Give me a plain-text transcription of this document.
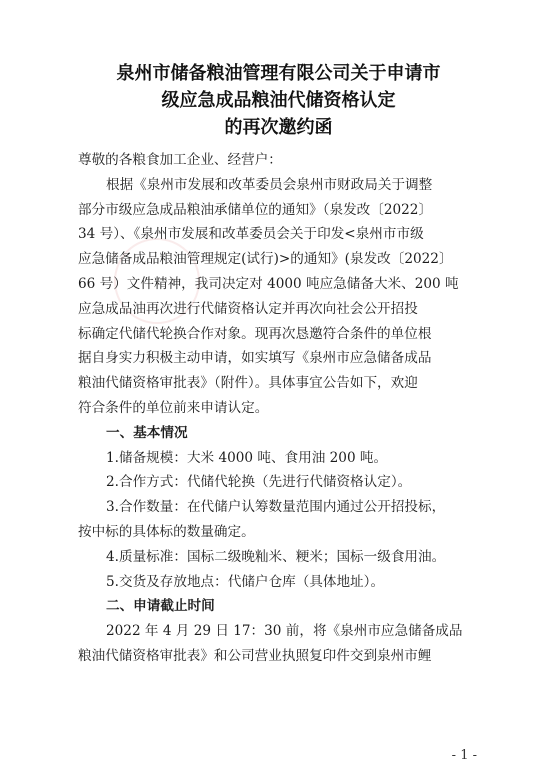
泉州市储备粮油管理有限公司关于申请市
级应急成品粮油代储资格认定
的再次邀约函
尊敬的各粮食加工企业、经营户：
根据《泉州市发展和改革委员会泉州市财政局关于调整
部分市级应急成品粮油承储单位的通知》（泉发改〔2022〕
34 号）、《泉州市发展和改革委员会关于印发<泉州市市级
应急储备成品粮油管理规定(试行)>的通知》(泉发改〔2022〕
66 号）文件精神，我司决定对 4000 吨应急储备大米、200 吨
应急成品油再次进行代储资格认定并再次向社会公开招投
标确定代储代轮换合作对象。现再次恳邀符合条件的单位根
据自身实力积极主动申请，如实填写《泉州市应急储备成品
粮油代储资格审批表》（附件）。具体事宜公告如下，欢迎
符合条件的单位前来申请认定。
一、基本情况
1.储备规模：大米 4000 吨、食用油 200 吨。
2.合作方式：代储代轮换（先进行代储资格认定）。
3.合作数量：在代储户认筹数量范围内通过公开招投标，
按中标的具体标的数量确定。
4.质量标准：国标二级晚籼米、粳米；国标一级食用油。
5.交货及存放地点：代储户仓库（具体地址）。
二、申请截止时间
2022 年 4 月 29 日 17：30 前，将《泉州市应急储备成品
粮油代储资格审批表》和公司营业执照复印件交到泉州市鲤
- 1 -
